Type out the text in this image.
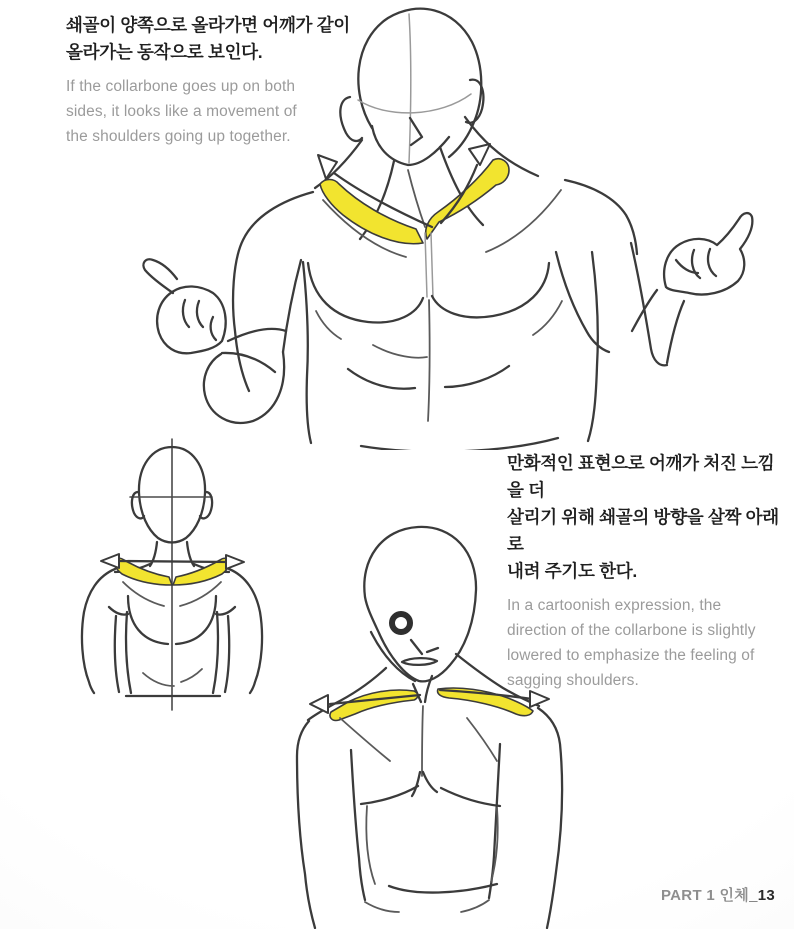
쇄골이 양쪽으로 올라가면 어깨가 같이
올라가는 동작으로 보인다.
If the collarbone goes up on both
sides, it looks like a movement of
the shoulders going up together.
만화적인 표현으로 어깨가 처진 느낌을 더
살리기 위해 쇄골의 방향을 살짝 아래로
내려 주기도 한다.
In a cartoonish expression, the
direction of the collarbone is slightly
lowered to emphasize the feeling of
sagging shoulders.
PART 1 인체_13
